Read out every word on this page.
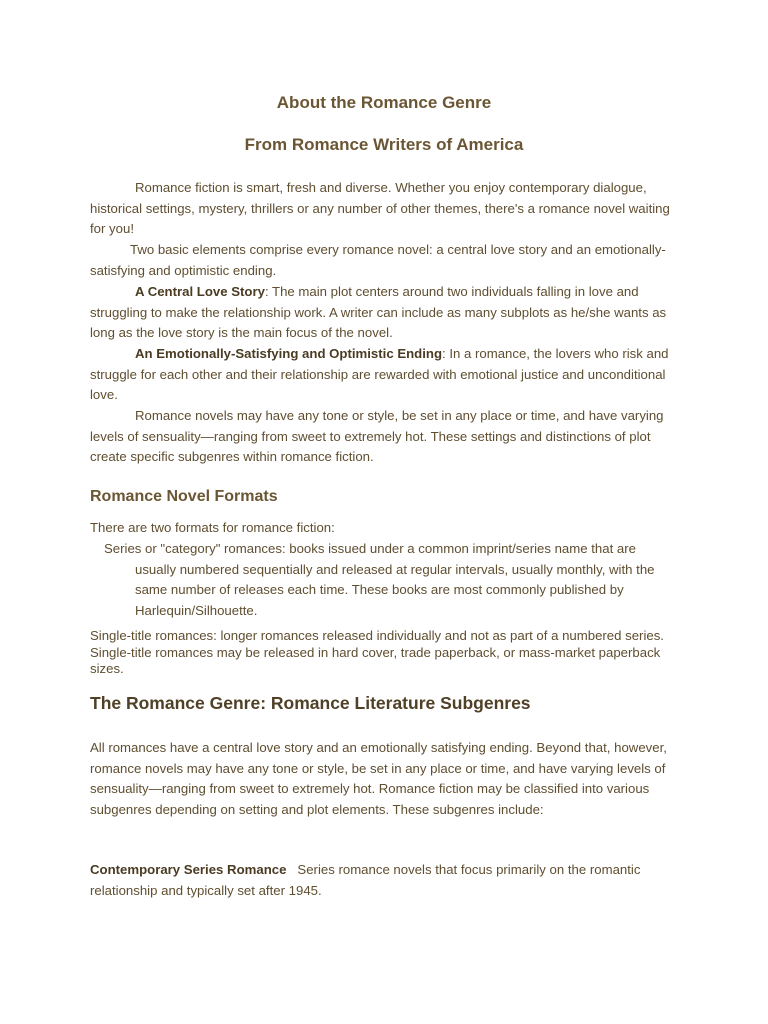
About the Romance Genre
From Romance Writers of America

Romance fiction is smart, fresh and diverse. Whether you enjoy contemporary dialogue, historical settings, mystery, thrillers or any number of other themes, there's a romance novel waiting for you!

Two basic elements comprise every romance novel: a central love story and an emotionally-satisfying and optimistic ending.

A Central Love Story: The main plot centers around two individuals falling in love and struggling to make the relationship work. A writer can include as many subplots as he/she wants as long as the love story is the main focus of the novel.

An Emotionally-Satisfying and Optimistic Ending: In a romance, the lovers who risk and struggle for each other and their relationship are rewarded with emotional justice and unconditional love.

Romance novels may have any tone or style, be set in any place or time, and have varying levels of sensuality—ranging from sweet to extremely hot. These settings and distinctions of plot create specific subgenres within romance fiction.

Romance Novel Formats

There are two formats for romance fiction:

Series or "category" romances: books issued under a common imprint/series name that are
usually numbered sequentially and released at regular intervals, usually monthly, with the same number of releases each time. These books are most commonly published by Harlequin/Silhouette.

Single-title romances: longer romances released individually and not as part of a numbered series. Single-title romances may be released in hard cover, trade paperback, or mass-market paperback sizes.

The Romance Genre: Romance Literature Subgenres

All romances have a central love story and an emotionally satisfying ending. Beyond that, however, romance novels may have any tone or style, be set in any place or time, and have varying levels of sensuality—ranging from sweet to extremely hot. Romance fiction may be classified into various subgenres depending on setting and plot elements. These subgenres include:

Contemporary Series Romance Series romance novels that focus primarily on the romantic relationship and typically set after 1945.
